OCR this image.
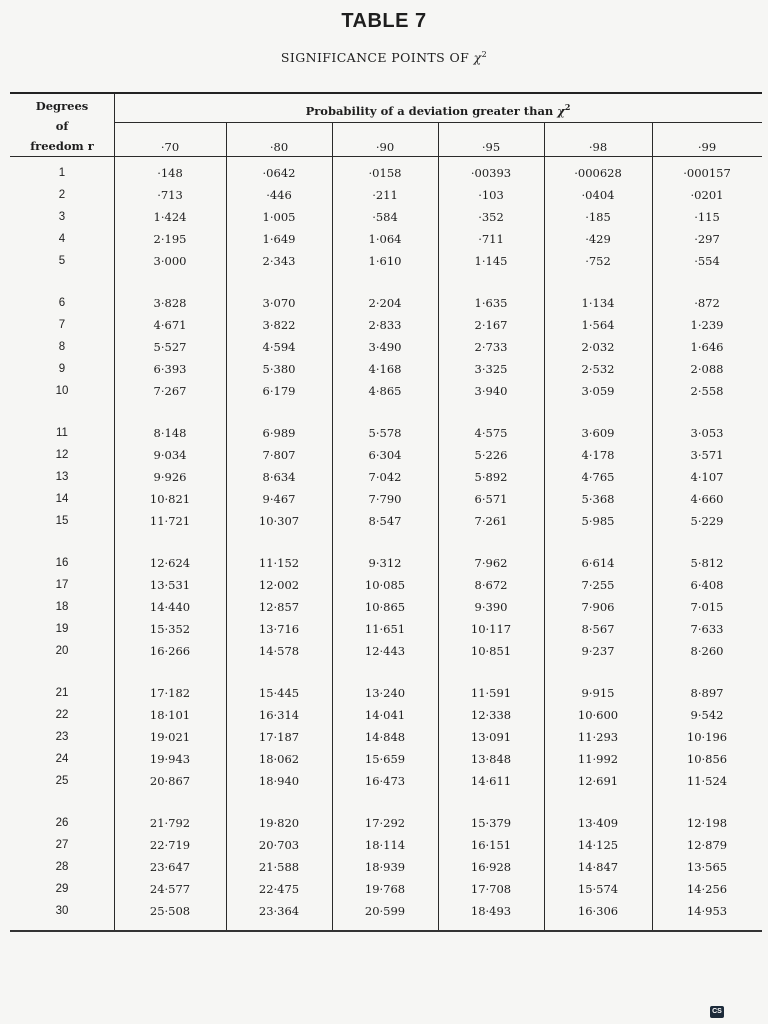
TABLE 7
SIGNIFICANCE POINTS OF $\chi^2$
Degrees
of
freedom r
Probability of a deviation greater than $\chi^2$
·70	·80	·90	·95	·98	·99
1	·148	·0642	·0158	·00393	·000628	·000157
2	·713	·446	·211	·103	·0404	·0201
3	1·424	1·005	·584	·352	·185	·115
4	2·195	1·649	1·064	·711	·429	·297
5	3·000	2·343	1·610	1·145	·752	·554
6	3·828	3·070	2·204	1·635	1·134	·872
7	4·671	3·822	2·833	2·167	1·564	1·239
8	5·527	4·594	3·490	2·733	2·032	1·646
9	6·393	5·380	4·168	3·325	2·532	2·088
10	7·267	6·179	4·865	3·940	3·059	2·558
11	8·148	6·989	5·578	4·575	3·609	3·053
12	9·034	7·807	6·304	5·226	4·178	3·571
13	9·926	8·634	7·042	5·892	4·765	4·107
14	10·821	9·467	7·790	6·571	5·368	4·660
15	11·721	10·307	8·547	7·261	5·985	5·229
16	12·624	11·152	9·312	7·962	6·614	5·812
17	13·531	12·002	10·085	8·672	7·255	6·408
18	14·440	12·857	10·865	9·390	7·906	7·015
19	15·352	13·716	11·651	10·117	8·567	7·633
20	16·266	14·578	12·443	10·851	9·237	8·260
21	17·182	15·445	13·240	11·591	9·915	8·897
22	18·101	16·314	14·041	12·338	10·600	9·542
23	19·021	17·187	14·848	13·091	11·293	10·196
24	19·943	18·062	15·659	13·848	11·992	10·856
25	20·867	18·940	16·473	14·611	12·691	11·524
26	21·792	19·820	17·292	15·379	13·409	12·198
27	22·719	20·703	18·114	16·151	14·125	12·879
28	23·647	21·588	18·939	16·928	14·847	13·565
29	24·577	22·475	19·768	17·708	15·574	14·256
30	25·508	23·364	20·599	18·493	16·306	14·953
CS
